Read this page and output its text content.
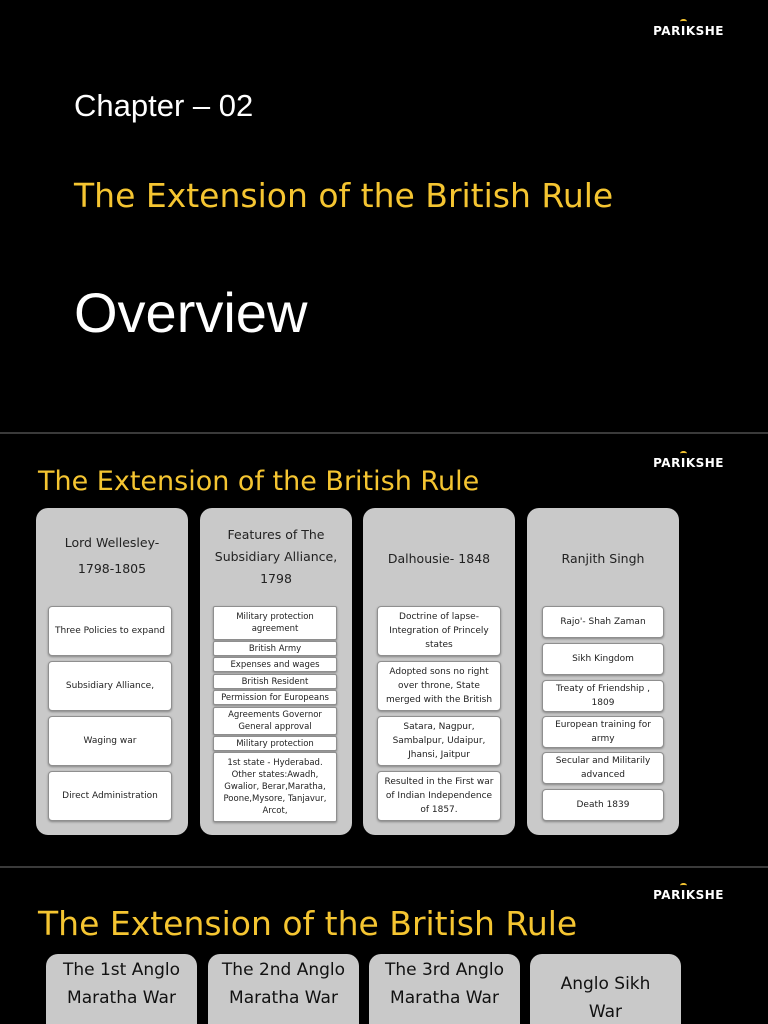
PARIKSHE
Chapter – 02
The Extension of the British Rule
Overview
PARIKSHE
The Extension of the British Rule
Lord Wellesley-
1798-1805
Three Policies to expand
Subsidiary Alliance,
Waging war
Direct Administration
Features of The
Subsidiary Alliance,
1798
Military protection agreement
British Army
Expenses and wages
British Resident
Permission for Europeans
Agreements Governor General approval
Military protection
1st state - Hyderabad. Other states:Awadh, Gwalior, Berar,Maratha, Poone,Mysore, Tanjavur, Arcot,
Dalhousie- 1848
Doctrine of lapse- Integration of Princely states
Adopted sons no right over throne, State merged with the British
Satara, Nagpur, Sambalpur, Udaipur, Jhansi, Jaitpur
Resulted in the First war of Indian Independence of 1857.
Ranjith Singh
Rajo'- Shah Zaman
Sikh Kingdom
Treaty of Friendship , 1809
European training for army
Secular and Militarily advanced
Death 1839
PARIKSHE
The Extension of the British Rule
The 1st Anglo
Maratha War
The 2nd Anglo
Maratha War
The 3rd Anglo
Maratha War
Anglo Sikh
War
